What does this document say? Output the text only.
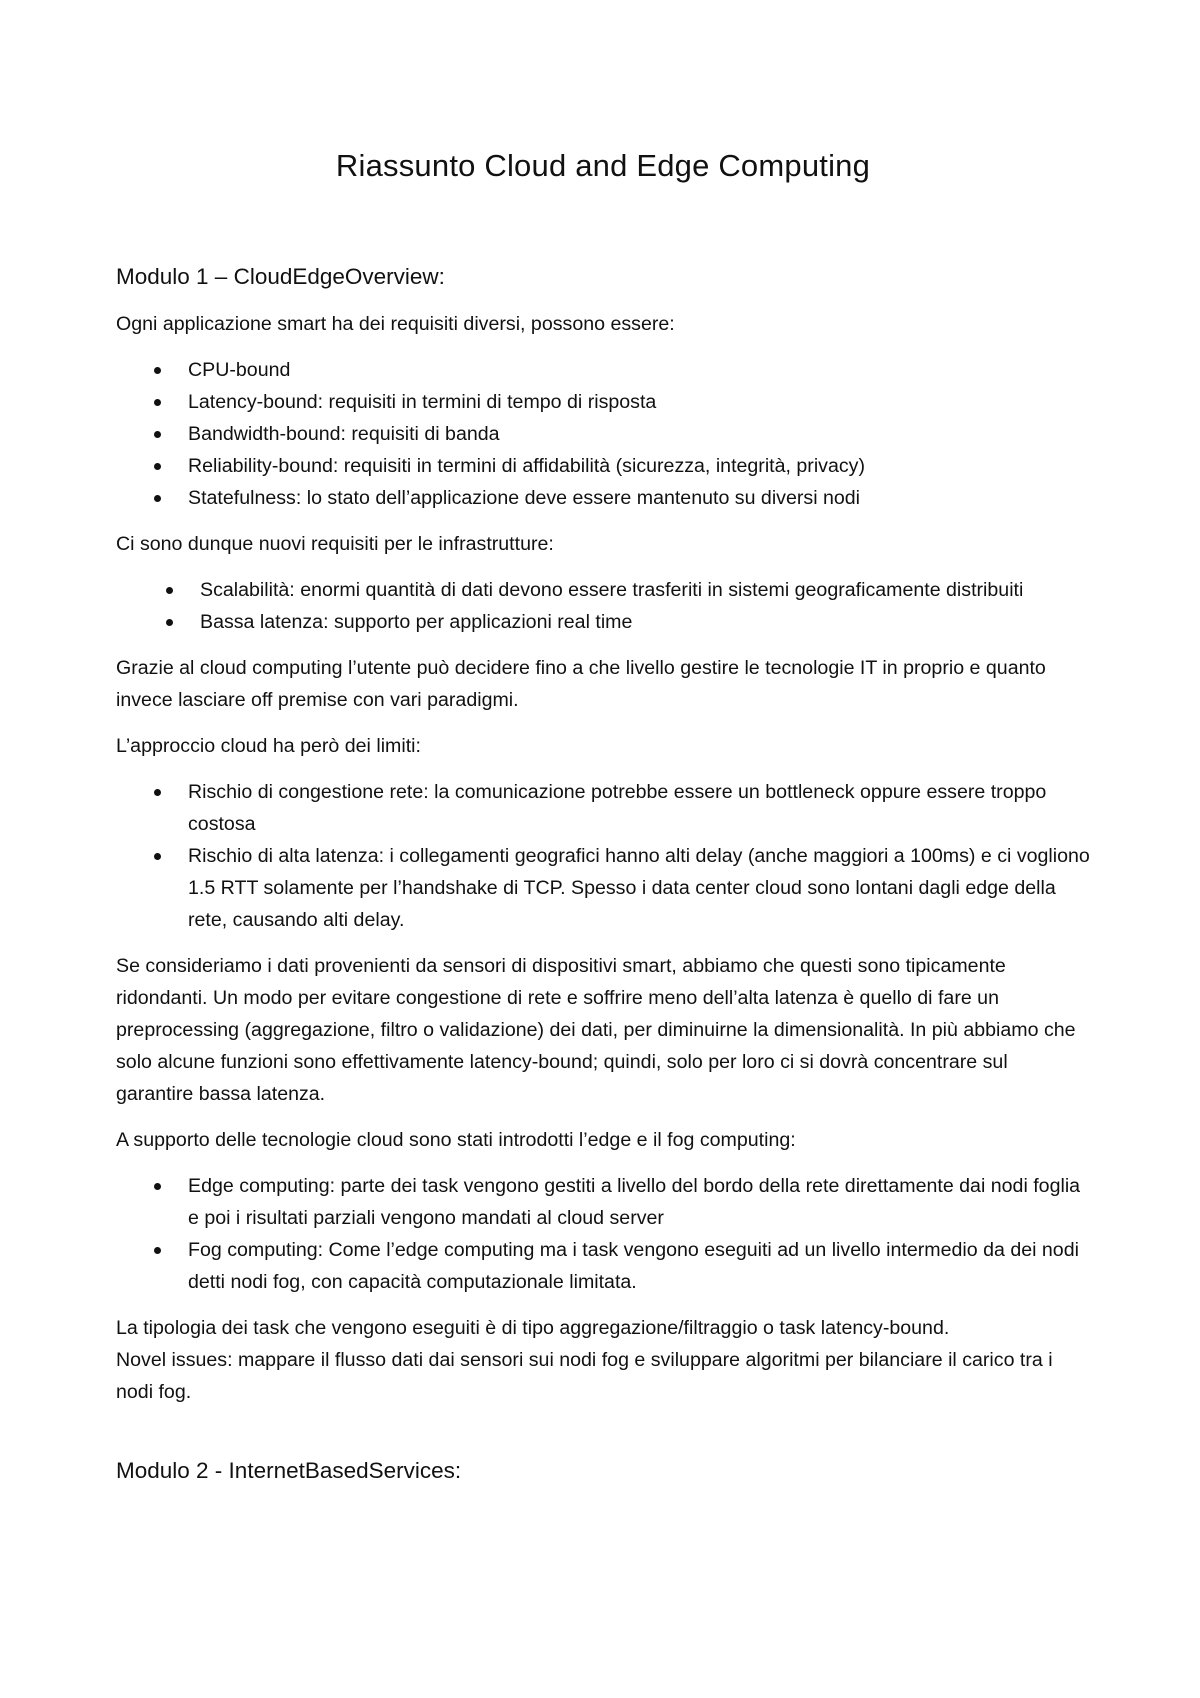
Riassunto Cloud and Edge Computing
Modulo 1 – CloudEdgeOverview:

Ogni applicazione smart ha dei requisiti diversi, possono essere:

CPU-bound
Latency-bound: requisiti in termini di tempo di risposta
Bandwidth-bound: requisiti di banda
Reliability-bound: requisiti in termini di affidabilità (sicurezza, integrità, privacy)
Statefulness: lo stato dell’applicazione deve essere mantenuto su diversi nodi

Ci sono dunque nuovi requisiti per le infrastrutture:

Scalabilità: enormi quantità di dati devono essere trasferiti in sistemi geograficamente distribuiti
Bassa latenza: supporto per applicazioni real time

Grazie al cloud computing l’utente può decidere fino a che livello gestire le tecnologie IT in proprio e quanto invece lasciare off premise con vari paradigmi.

L’approccio cloud ha però dei limiti:

Rischio di congestione rete: la comunicazione potrebbe essere un bottleneck oppure essere troppo costosa
Rischio di alta latenza: i collegamenti geografici hanno alti delay (anche maggiori a 100ms) e ci vogliono 1.5 RTT solamente per l’handshake di TCP. Spesso i data center cloud sono lontani dagli edge della rete, causando alti delay.

Se consideriamo i dati provenienti da sensori di dispositivi smart, abbiamo che questi sono tipicamente ridondanti. Un modo per evitare congestione di rete e soffrire meno dell’alta latenza è quello di fare un preprocessing (aggregazione, filtro o validazione) dei dati, per diminuirne la dimensionalità. In più abbiamo che solo alcune funzioni sono effettivamente latency-bound; quindi, solo per loro ci si dovrà concentrare sul garantire bassa latenza.

A supporto delle tecnologie cloud sono stati introdotti l’edge e il fog computing:

Edge computing: parte dei task vengono gestiti a livello del bordo della rete direttamente dai nodi foglia e poi i risultati parziali vengono mandati al cloud server
Fog computing: Come l’edge computing ma i task vengono eseguiti ad un livello intermedio da dei nodi detti nodi fog, con capacità computazionale limitata.

La tipologia dei task che vengono eseguiti è di tipo aggregazione/filtraggio o task latency-bound.
Novel issues: mappare il flusso dati dai sensori sui nodi fog e sviluppare algoritmi per bilanciare il carico tra i nodi fog.

Modulo 2 - InternetBasedServices:
